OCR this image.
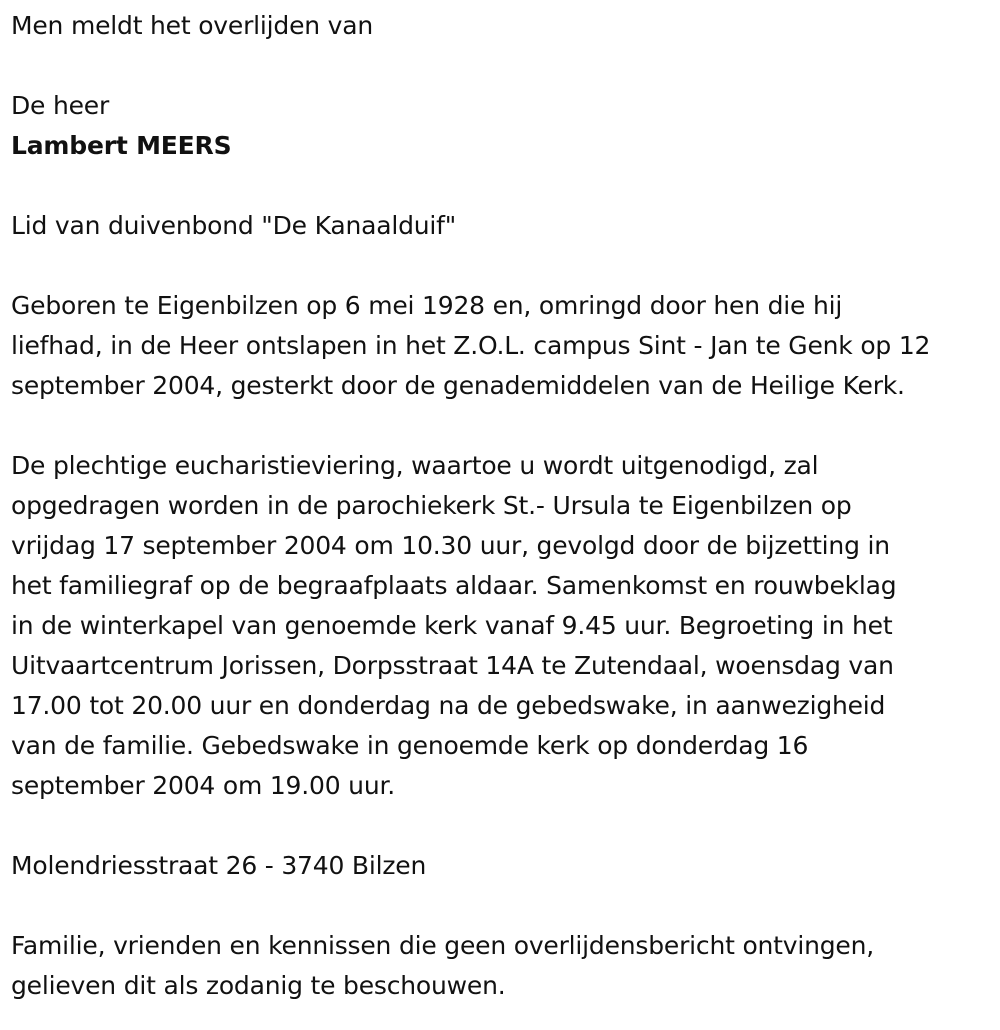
Men meldt het overlijden van

De heer

Lambert MEERS

Lid van duivenbond "De Kanaalduif"

Geboren te Eigenbilzen op 6 mei 1928 en, omringd door hen die hij
liefhad, in de Heer ontslapen in het Z.O.L. campus Sint - Jan te Genk op 12
september 2004, gesterkt door de genademiddelen van de Heilige Kerk.
De plechtige eucharistieviering, waartoe u wordt uitgenodigd, zal
opgedragen worden in de parochiekerk St.- Ursula te Eigenbilzen op
vrijdag 17 september 2004 om 10.30 uur, gevolgd door de bijzetting in
het familiegraf op de begraafplaats aldaar. Samenkomst en rouwbeklag
in de winterkapel van genoemde kerk vanaf 9.45 uur. Begroeting in het
Uitvaartcentrum Jorissen, Dorpsstraat 14A te Zutendaal, woensdag van
17.00 tot 20.00 uur en donderdag na de gebedswake, in aanwezigheid
van de familie. Gebedswake in genoemde kerk op donderdag 16
september 2004 om 19.00 uur.

Molendriesstraat 26 - 3740 Bilzen

Familie, vrienden en kennissen die geen overlijdensbericht ontvingen,
gelieven dit als zodanig te beschouwen.
